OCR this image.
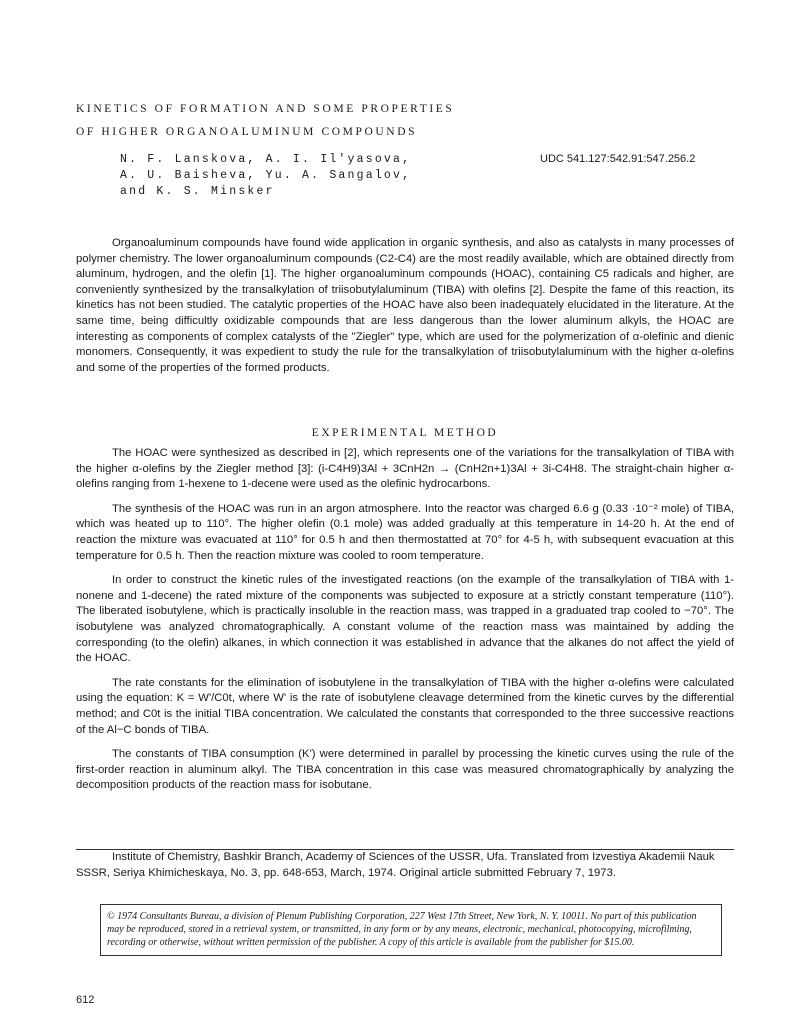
KINETICS OF FORMATION AND SOME PROPERTIES
OF HIGHER ORGANOALUMINUM COMPOUNDS
N. F. Lanskova, A. I. Il'yasova,
A. U. Baisheva, Yu. A. Sangalov,
and K. S. Minsker
UDC 541.127:542.91:547.256.2

Organoaluminum compounds have found wide application in organic synthesis, and also as catalysts in many processes of polymer chemistry. The lower organoaluminum compounds (C2-C4) are the most readily available, which are obtained directly from aluminum, hydrogen, and the olefin [1]. The higher organoaluminum compounds (HOAC), containing C5 radicals and higher, are conveniently synthesized by the transalkylation of triisobutylaluminum (TIBA) with olefins [2]. Despite the fame of this reaction, its kinetics has not been studied. The catalytic properties of the HOAC have also been inadequately elucidated in the literature. At the same time, being difficultly oxidizable compounds that are less dangerous than the lower aluminum alkyls, the HOAC are interesting as components of complex catalysts of the "Ziegler" type, which are used for the polymerization of α-olefinic and dienic monomers. Consequently, it was expedient to study the rule for the transalkylation of triisobutylaluminum with the higher α-olefins and some of the properties of the formed products.

EXPERIMENTAL METHOD

The HOAC were synthesized as described in [2], which represents one of the variations for the transalkylation of TIBA with the higher α-olefins by the Ziegler method [3]: (i-C4H9)3Al + 3CnH2n → (CnH2n+1)3Al + 3i-C4H8. The straight-chain higher α-olefins ranging from 1-hexene to 1-decene were used as the olefinic hydrocarbons.

The synthesis of the HOAC was run in an argon atmosphere. Into the reactor was charged 6.6 g (0.33 ·10⁻² mole) of TIBA, which was heated up to 110°. The higher olefin (0.1 mole) was added gradually at this temperature in 14-20 h. At the end of reaction the mixture was evacuated at 110° for 0.5 h and then thermostatted at 70° for 4-5 h, with subsequent evacuation at this temperature for 0.5 h. Then the reaction mixture was cooled to room temperature.

In order to construct the kinetic rules of the investigated reactions (on the example of the transalkylation of TIBA with 1-nonene and 1-decene) the rated mixture of the components was subjected to exposure at a strictly constant temperature (110°). The liberated isobutylene, which is practically insoluble in the reaction mass, was trapped in a graduated trap cooled to −70°. The isobutylene was analyzed chromatographically. A constant volume of the reaction mass was maintained by adding the corresponding (to the olefin) alkanes, in which connection it was established in advance that the alkanes do not affect the yield of the HOAC.

The rate constants for the elimination of isobutylene in the transalkylation of TIBA with the higher α-olefins were calculated using the equation: K = W'/C0t, where W' is the rate of isobutylene cleavage determined from the kinetic curves by the differential method; and C0t is the initial TIBA concentration. We calculated the constants that corresponded to the three successive reactions of the Al−C bonds of TIBA.

The constants of TIBA consumption (K') were determined in parallel by processing the kinetic curves using the rule of the first-order reaction in aluminum alkyl. The TIBA concentration in this case was measured chromatographically by analyzing the decomposition products of the reaction mass for isobutane.

Institute of Chemistry, Bashkir Branch, Academy of Sciences of the USSR, Ufa. Translated from Izvestiya Akademii Nauk SSSR, Seriya Khimicheskaya, No. 3, pp. 648-653, March, 1974. Original article submitted February 7, 1973.

© 1974 Consultants Bureau, a division of Plenum Publishing Corporation, 227 West 17th Street, New York, N. Y. 10011. No part of this publication may be reproduced, stored in a retrieval system, or transmitted, in any form or by any means, electronic, mechanical, photocopying, microfilming, recording or otherwise, without written permission of the publisher. A copy of this article is available from the publisher for $15.00.
612
